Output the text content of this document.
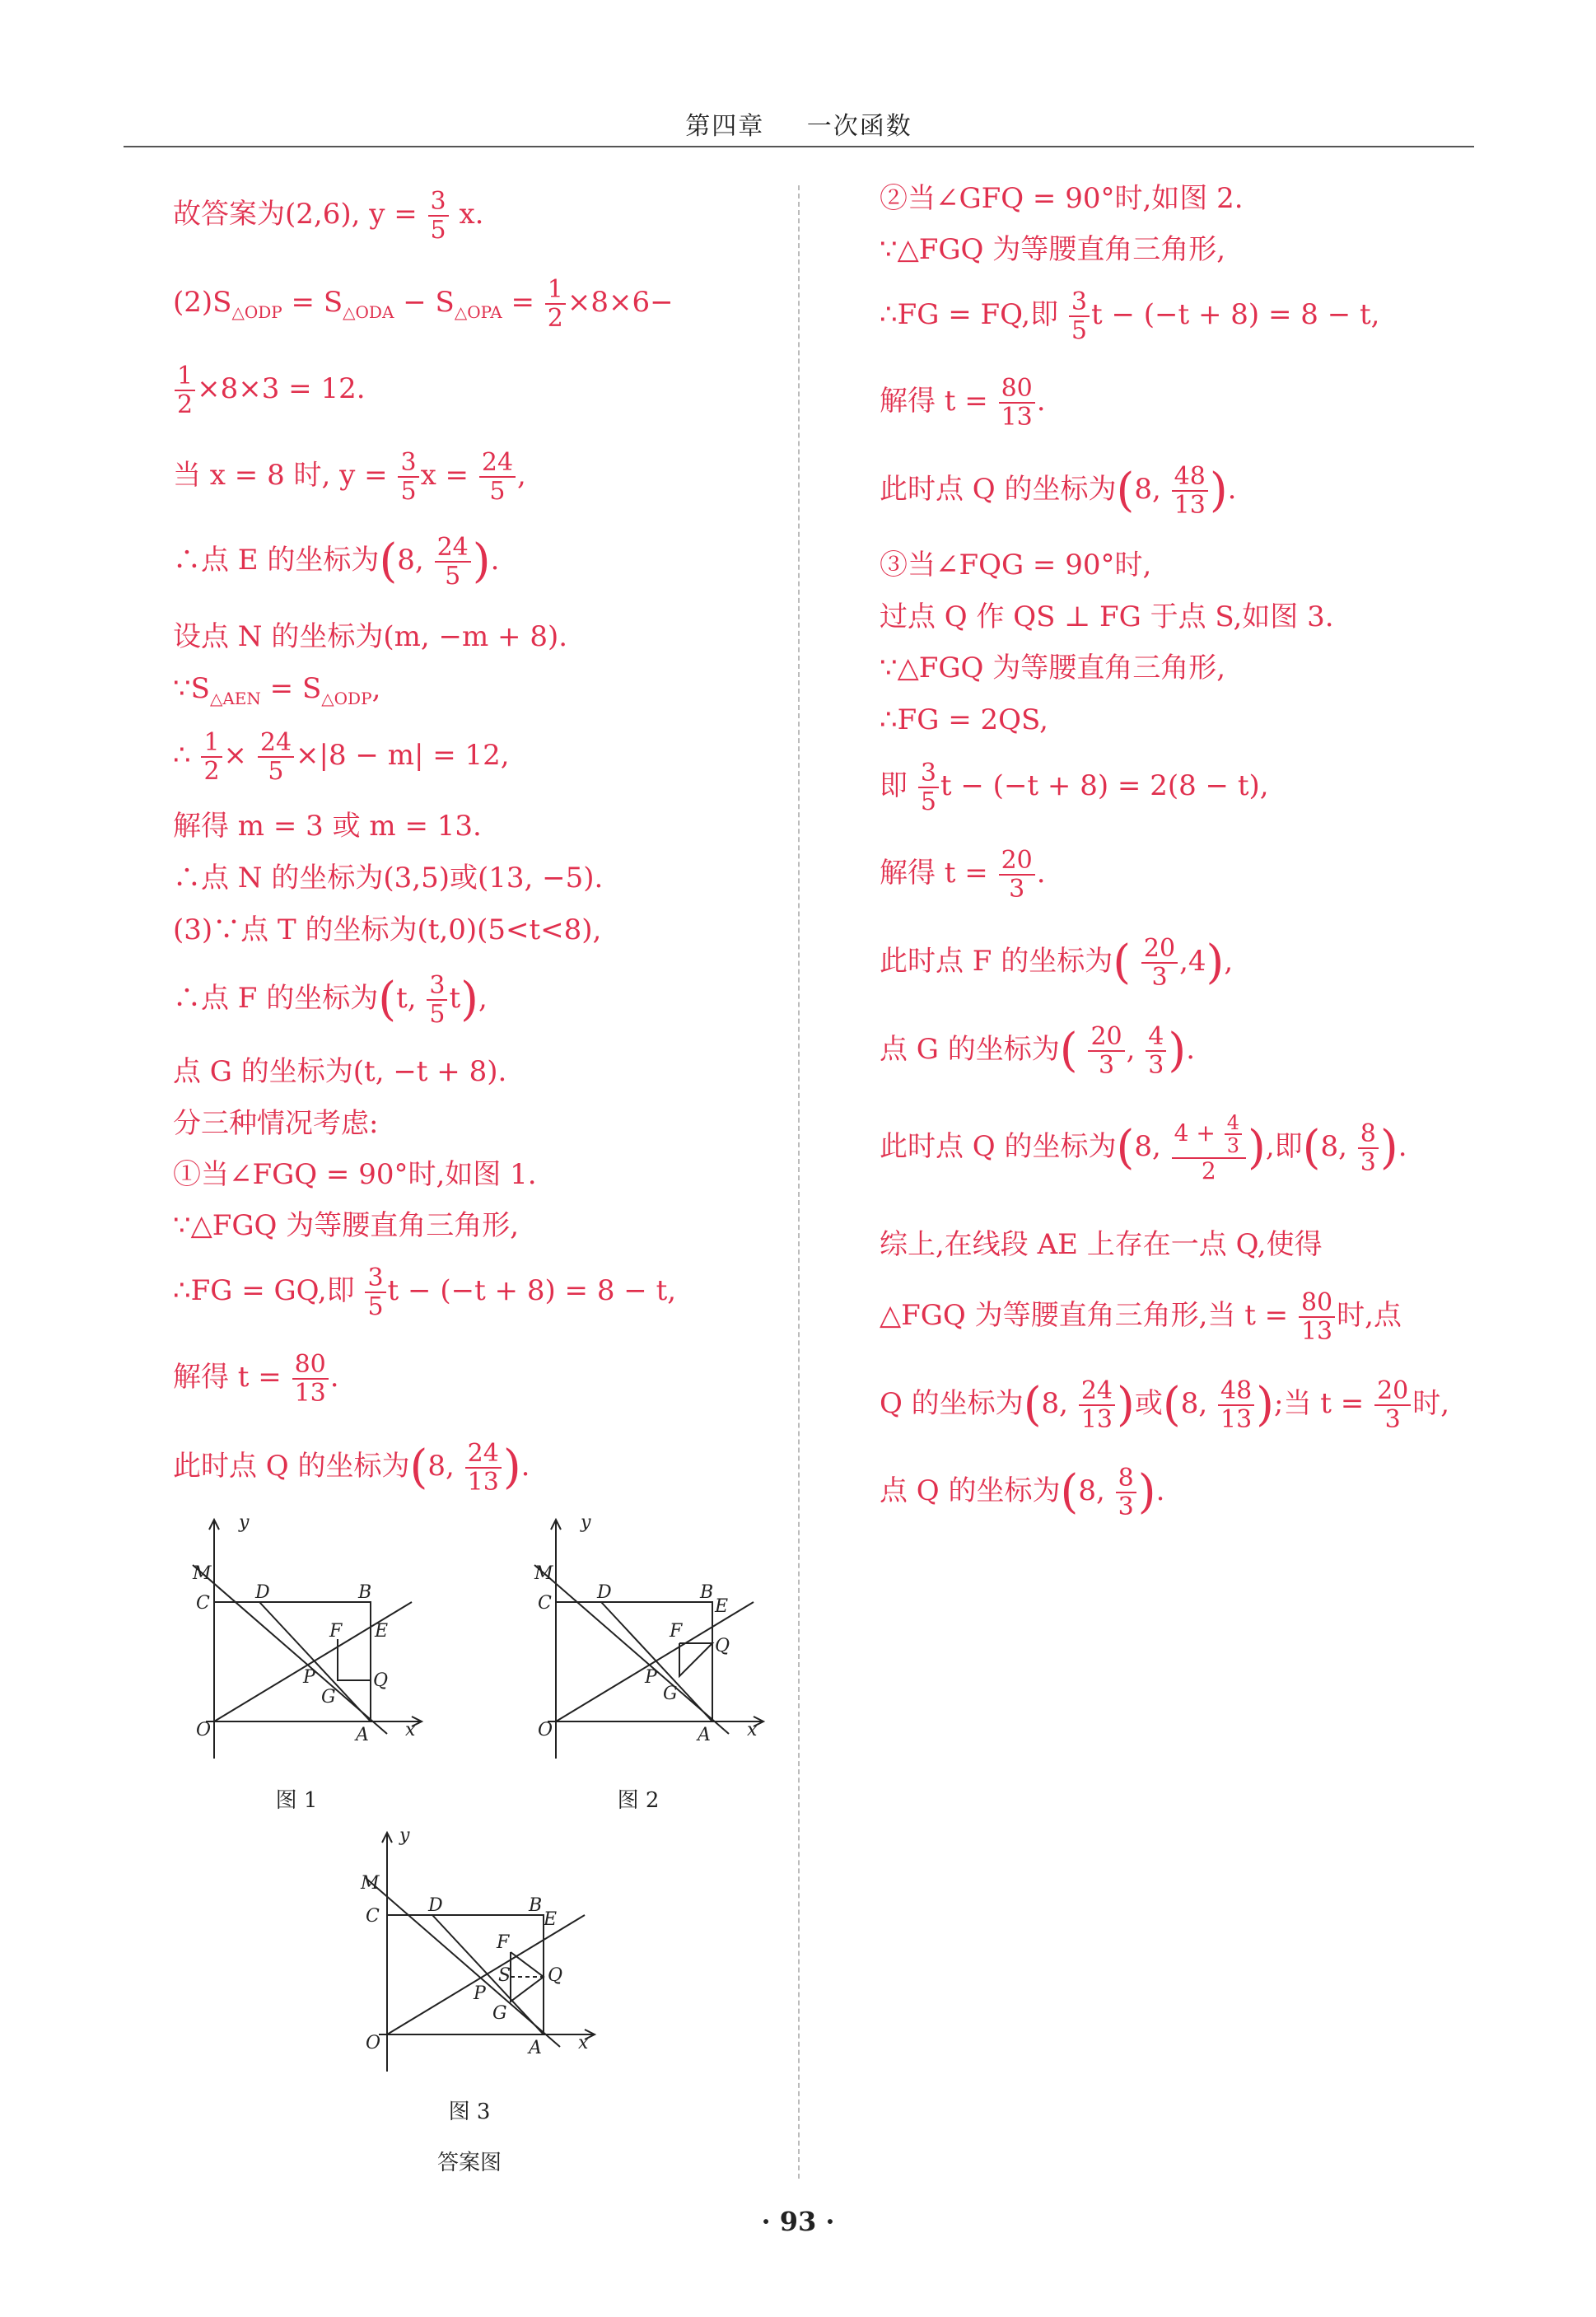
第四章 一次函数
故答案为(2,6), $y = \frac{3}{5} x$.
$(2)S_{\triangle ODP} = S_{\triangle ODA} - S_{\triangle OPA} = \frac{1}{2} \times 8\times 6-$
$\frac{1}{2} \times 8\times 3 = 12$.
当 x = 8 时, $y = \frac{3}{5}$ $x = \frac{24}{5}$ ,
∴点 E 的坐标为(8, $\frac{24}{5}$ ).
设点 N 的坐标为(m, −m + 8).
$\because S_{\triangle AEN} = S_{\triangle ODP}$,
∴ $\frac{1}{2} \times \frac{24}{5} \times|8 - m| = 12$,
解得 m = 3 或 m = 13.
∴点 N 的坐标为(3,5)或(13, −5).
(3)∵点 T 的坐标为(t,0)(5<t<8),
∴点 F 的坐标为(t, $\frac{3}{5} t$),
点 G 的坐标为(t, −t + 8).
分三种情况考虑:
①当∠FGQ = 90°时,如图 1.
∵△FGQ 为等腰直角三角形,
∴FG = GQ,即 $\frac{3}{5}$ t − (−t + 8) = 8 − t,
解得 $t = \frac{80}{13}$ .
此时点 Q 的坐标为(8, $\frac{24}{13}$ ).
②当∠GFQ = 90°时,如图 2.
∵△FGQ 为等腰直角三角形,
∴FG = FQ,即 $\frac{3}{5}$ t − (−t + 8) = 8 − t,
解得 $t = \frac{80}{13}$ .
此时点 Q 的坐标为(8, $\frac{48}{13}$ ).
③当∠FQG = 90°时,
过点 Q 作 QS ⊥ FG 于点 S,如图 3.
∵△FGQ 为等腰直角三角形,
∴FG = 2QS,
即 $\frac{3}{5}$ t − (−t + 8) = 2(8 − t),
解得 $t = \frac{20}{3}$ .
此时点 F 的坐标为( $\frac{20}{3} ,4$),
点 G 的坐标为( $\frac{20}{3}$ , $\frac{4}{3}$ ).
此时点 Q 的坐标为(8, $\frac{4 + \frac{4}{3}}{2}$ ),即(8, $\frac{8}{3}$ ).
综上,在线段 AE 上存在一点 Q,使得
△FGQ 为等腰直角三角形,当 $t = \frac{80}{13}$ 时,点
Q 的坐标为(8, $\frac{24}{13}$ )或(8, $\frac{48}{13}$ );当 $t = \frac{20}{3}$ 时,
点 Q 的坐标为(8, $\frac{8}{3}$ ).
y
M
C
D	B
E
F
P
G
Q
O	A x
图 1
y
M
C
D	B
E
F
P
G
Q
O	A x
图 2
y
M
C
D	B
E
F
S
P
G
Q
O	A x
图 3
答案图
· 93 ·
